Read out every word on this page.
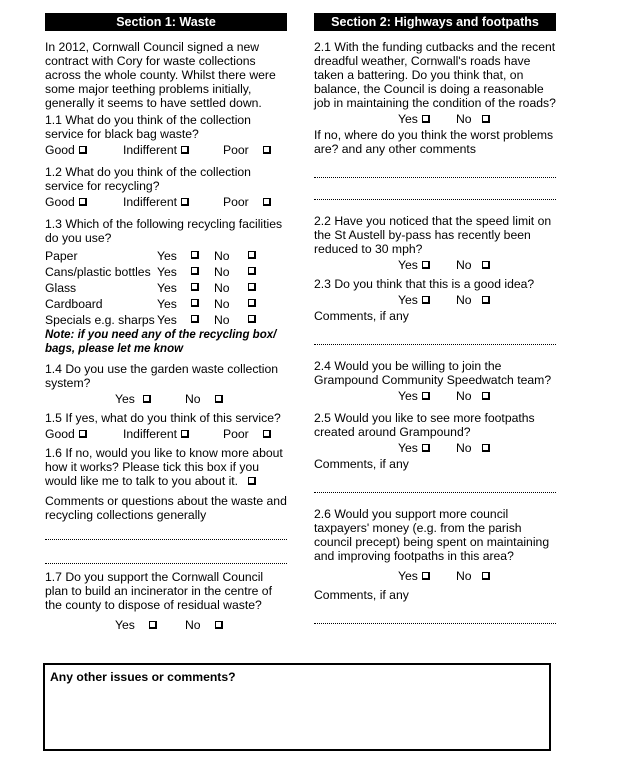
Section 1: Waste

In 2012, Cornwall Council signed a new contract with Cory for waste collections across the whole county. Whilst there were some major teething problems initially, generally it seems to have settled down.

1.1 What do you think of the collection service for black bag waste?

Good	Indifferent	Poor

1.2 What do you think of the collection service for recycling?

Good	Indifferent	Poor

1.3 Which of the following recycling facilities do you use?

Paper	Yes	No
Cans/plastic bottles Yes	No
Glass	Yes	No
Cardboard	Yes	No
Specials e.g. sharps Yes	No

Note: if you need any of the recycling box/ bags, please let me know

1.4 Do you use the garden waste collection system?

Yes	No

1.5 If yes, what do you think of this service?

Good	Indifferent	Poor

1.6 If no, would you like to know more about how it works? Please tick this box if you would like me to talk to you about it.

Comments or questions about the waste and recycling collections generally

1.7 Do you support the Cornwall Council plan to build an incinerator in the centre of the county to dispose of residual waste?

Yes	No
Section 2: Highways and footpaths

2.1 With the funding cutbacks and the recent dreadful weather, Cornwall's roads have taken a battering. Do you think that, on balance, the Council is doing a reasonable job in maintaining the condition of the roads?

Yes	No

If no, where do you think the worst problems are? and any other comments

2.2 Have you noticed that the speed limit on the St Austell by-pass has recently been reduced to 30 mph?

Yes	No

2.3 Do you think that this is a good idea?

Yes	No

Comments, if any

2.4 Would you be willing to join the Grampound Community Speedwatch team?

Yes	No

2.5 Would you like to see more footpaths created around Grampound?

Yes	No

Comments, if any

2.6 Would you support more council taxpayers' money (e.g. from the parish council precept) being spent on maintaining and improving footpaths in this area?

Yes	No

Comments, if any

Any other issues or comments?
